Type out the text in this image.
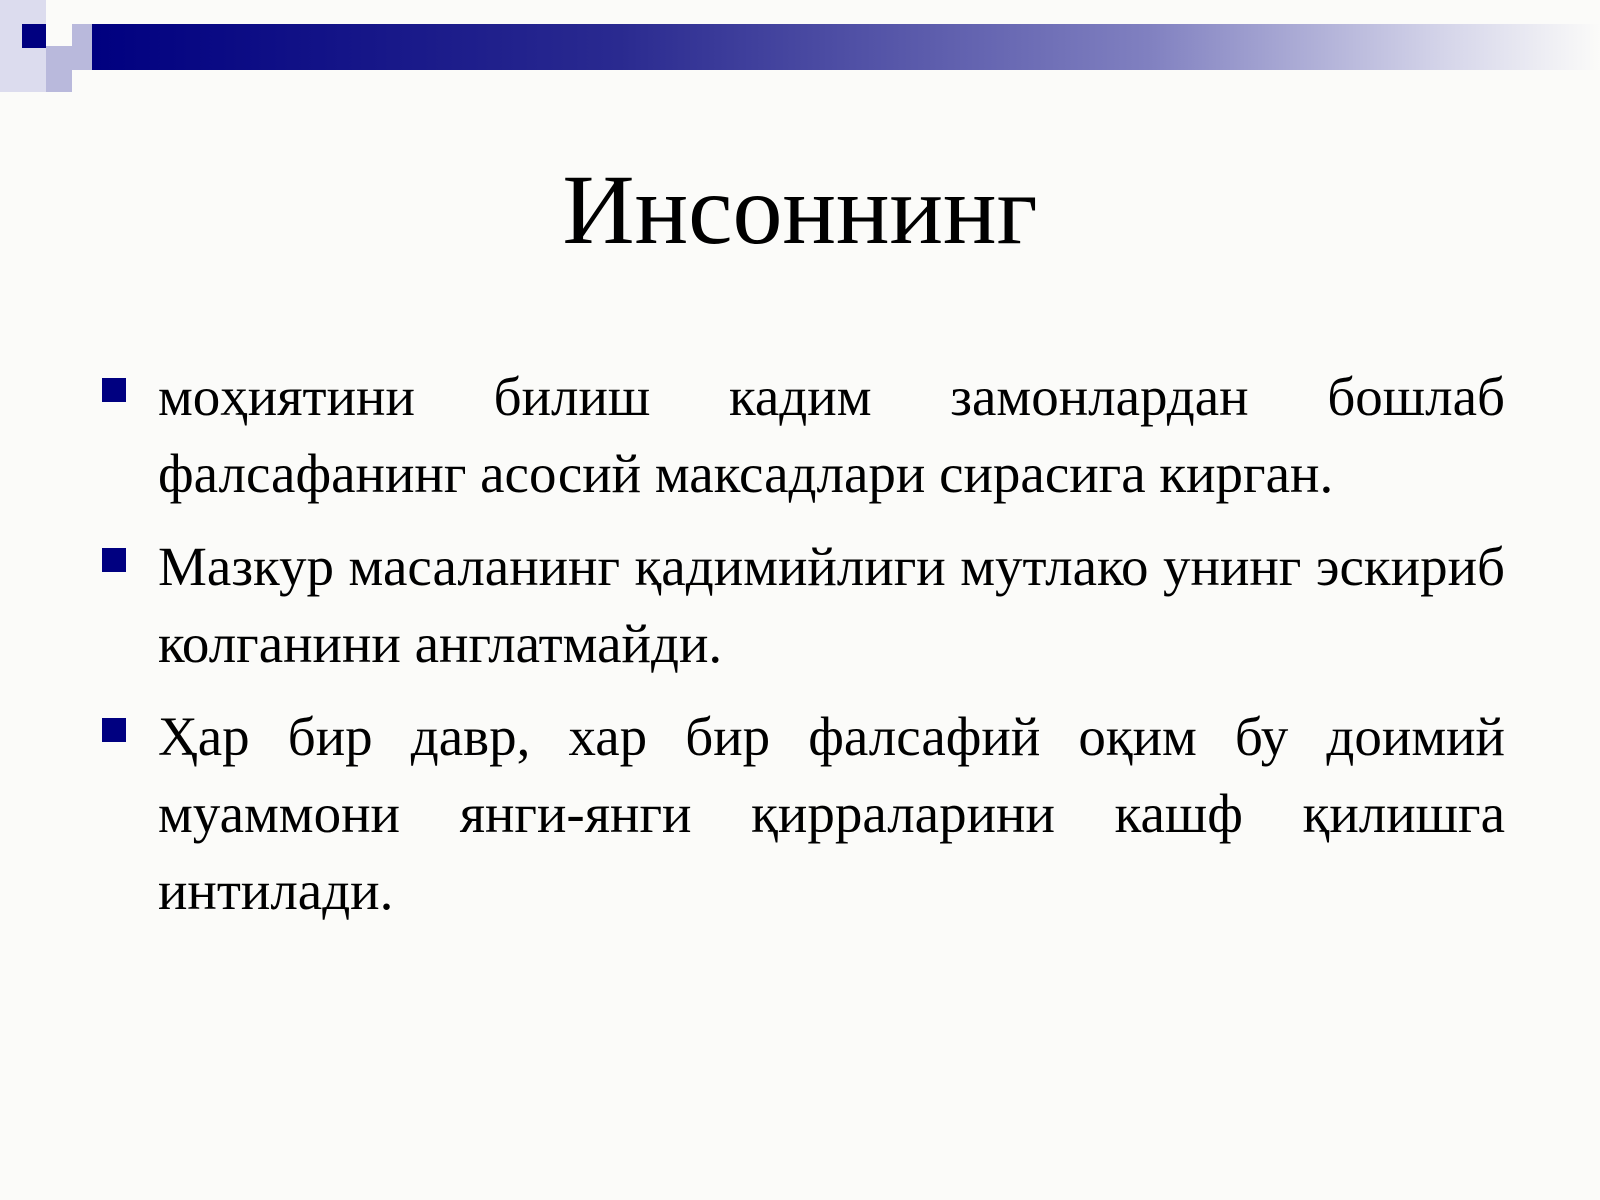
Инсоннинг
моҳиятини билиш кадим замонлардан бошлаб фалсафанинг асосий максадлари сирасига кирган.
Мазкур масаланинг қадимийлиги мутлако унинг эскириб колганини англатмайди.
Ҳар бир давр, хар бир фалсафий оқим бу доимий муаммони янги-янги қирраларини кашф қилишга интилади.
